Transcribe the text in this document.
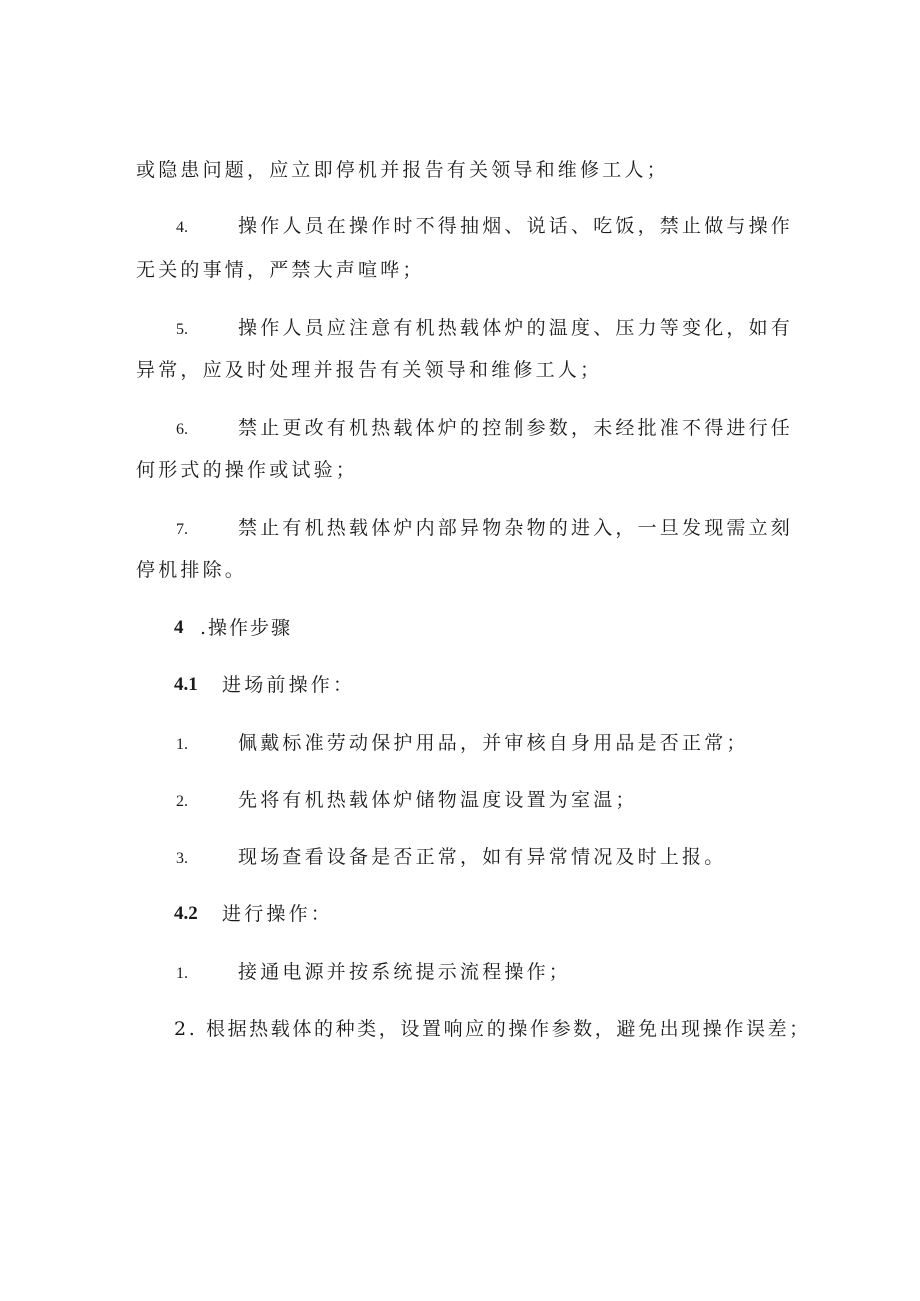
或隐患问题，应立即停机并报告有关领导和维修工人；
4.	操作人员在操作时不得抽烟、说话、吃饭，禁止做与操作
无关的事情，严禁大声喧哗；
5.	操作人员应注意有机热载体炉的温度、压力等变化，如有
异常，应及时处理并报告有关领导和维修工人；
6.	禁止更改有机热载体炉的控制参数，未经批准不得进行任
何形式的操作或试验；
7.	禁止有机热载体炉内部异物杂物的进入，一旦发现需立刻
停机排除。
4 .操作步骤
4.1 进场前操作：
1.	佩戴标准劳动保护用品，并审核自身用品是否正常；
2.	先将有机热载体炉储物温度设置为室温；
3.	现场查看设备是否正常，如有异常情况及时上报。
4.2 进行操作：
1.	接通电源并按系统提示流程操作；
2. 根据热载体的种类，设置响应的操作参数，避免出现操作误差；
